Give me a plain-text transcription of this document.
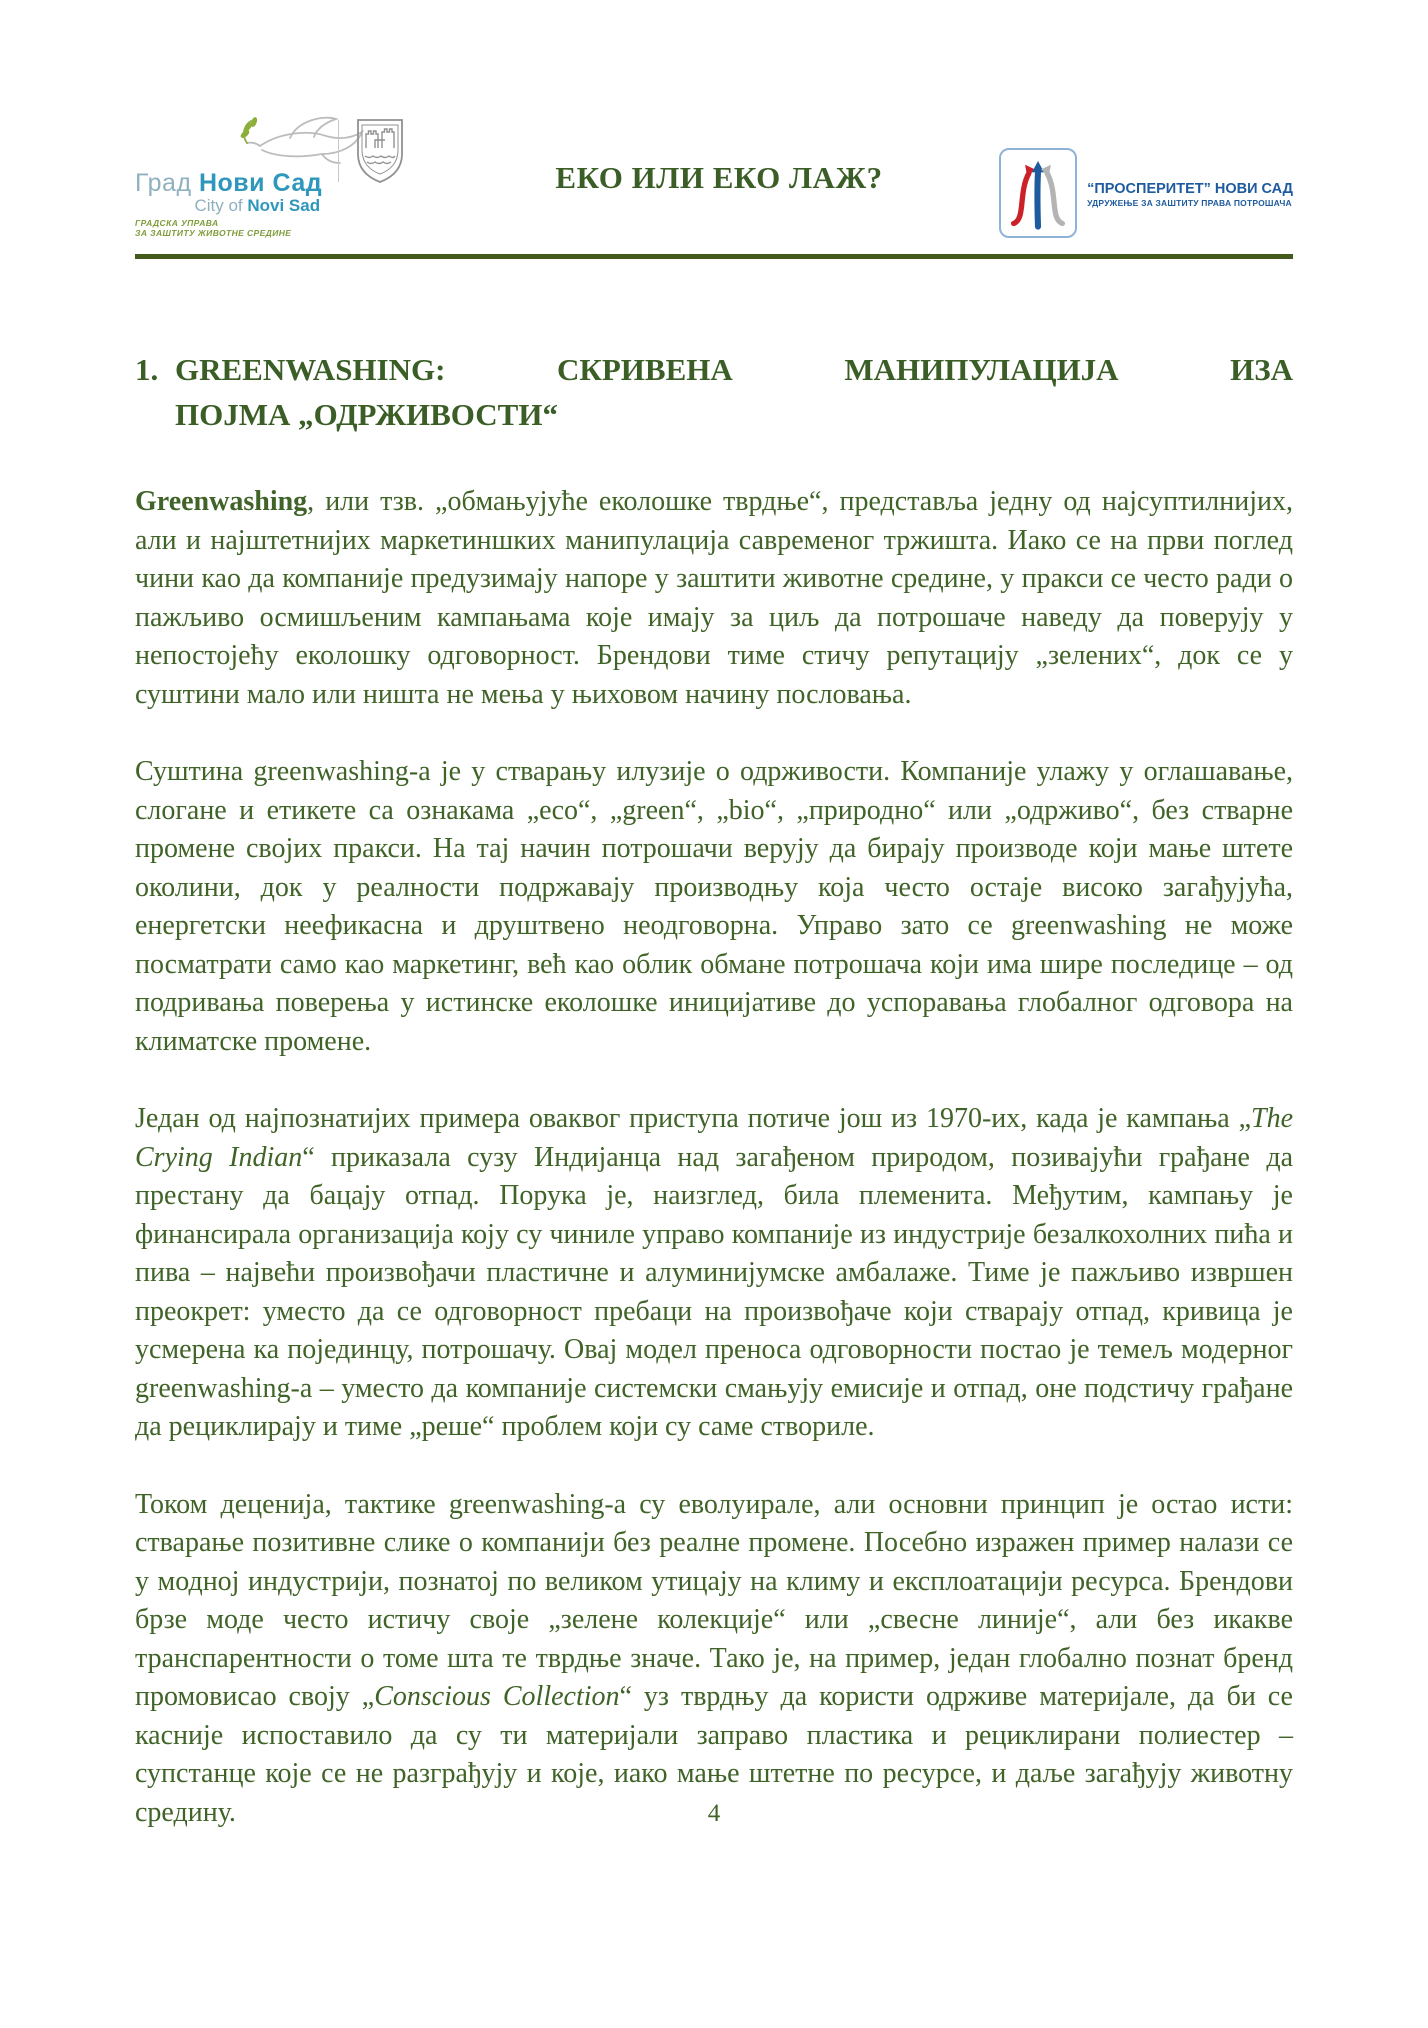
Град Нови Сад
City of Novi Sad
ГРАДСКА УПРАВА
ЗА ЗАШТИТУ ЖИВОТНЕ СРЕДИНЕ
ЕКО ИЛИ ЕКО ЛАЖ?	“ПРОСПЕРИТЕТ” НОВИ САД
УДРУЖЕЊЕ ЗА ЗАШТИТУ ПРАВА ПОТРОШАЧА
1. GREENWASHING: СКРИВЕНА МАНИПУЛАЦИЈА ИЗА
ПОЈМА „ОДРЖИВОСТИ“

Greenwashing, или тзв. „обмањујуће еколошке тврдње“, представља једну од најсуптилнијих, али и најштетнијих маркетиншких манипулација савременог тржишта. Иако се на први поглед чини као да компаније предузимају напоре у заштити животне средине, у пракси се често ради о пажљиво осмишљеним кампањама које имају за циљ да потрошаче наведу да поверују у непостојећу еколошку одговорност. Брендови тиме стичу репутацију „зелених“, док се у суштини мало или ништа не мења у њиховом начину пословања.

Суштина greenwashing-а је у стварању илузије о одрживости. Компаније улажу у оглашавање, слогане и етикете са ознакама „eco“, „green“, „bio“, „природно“ или „одрживо“, без стварне промене својих пракси. На тај начин потрошачи верују да бирају производе који мање штете околини, док у реалности подржавају производњу која често остаје високо загађујућа, енергетски неефикасна и друштвено неодговорна. Управо зато се greenwashing не може посматрати само као маркетинг, већ као облик обмане потрошача који има шире последице – од подривања поверења у истинске еколошке иницијативе до успоравања глобалног одговора на климатске промене.

Један од најпознатијих примера оваквог приступа потиче још из 1970-их, када је кампања „The Crying Indian“ приказала сузу Индијанца над загађеном природом, позивајући грађане да престану да бацају отпад. Порука је, наизглед, била племенита. Међутим, кампању је финансирала организација коју су чиниле управо компаније из индустрије безалкохолних пића и пива – највећи произвођачи пластичне и алуминијумске амбалаже. Тиме је пажљиво извршен преокрет: уместо да се одговорност пребаци на произвођаче који стварају отпад, кривица је усмерена ка појединцу, потрошачу. Овај модел преноса одговорности постао је темељ модерног greenwashing-а – уместо да компаније системски смањују емисије и отпад, оне подстичу грађане да рециклирају и тиме „реше“ проблем који су саме створиле.

Током деценија, тактике greenwashing-а су еволуирале, али основни принцип је остао исти: стварање позитивне слике о компанији без реалне промене. Посебно изражен пример налази се у модној индустрији, познатој по великом утицају на климу и експлоатацији ресурса. Брендови брзе моде често истичу своје „зелене колекције“ или „свесне линије“, али без икакве транспарентности о томе шта те тврдње значе. Тако је, на пример, један глобално познат бренд промовисао своју „Conscious Collection“ уз тврдњу да користи одрживе материјале, да би се касније испоставило да су ти материјали заправо пластика и рециклирани полиестер – супстанце које се не разграђују и које, иако мање штетне по ресурсе, и даље загађују животну средину.	4
